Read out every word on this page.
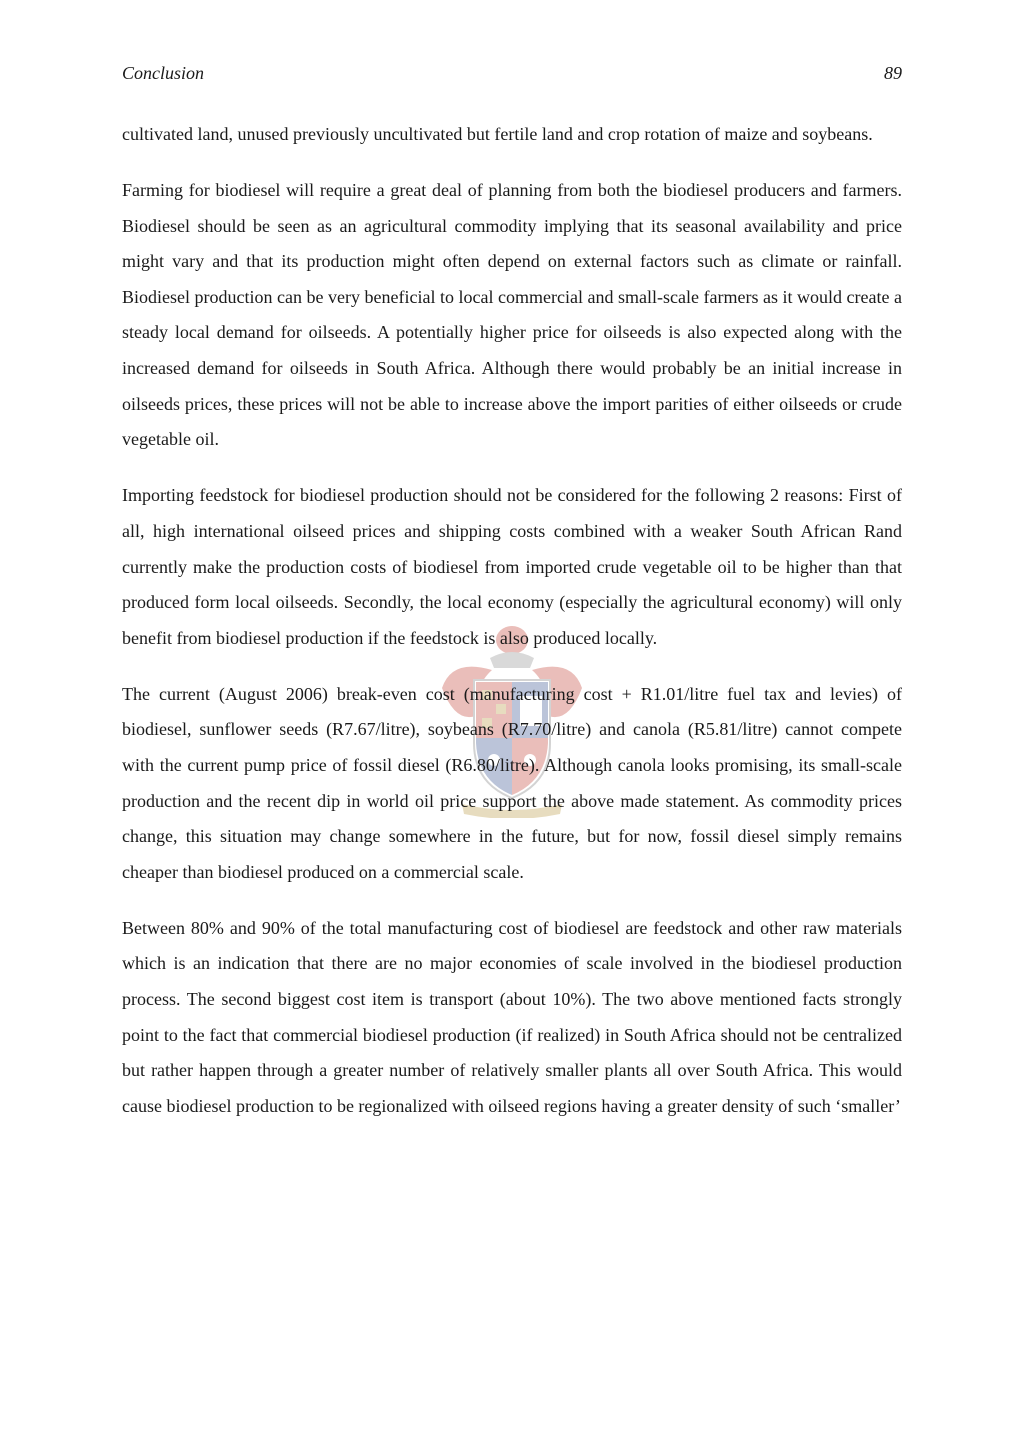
Conclusion	89

cultivated land, unused previously uncultivated but fertile land and crop rotation of maize and soybeans.

Farming for biodiesel will require a great deal of planning from both the biodiesel producers and farmers. Biodiesel should be seen as an agricultural commodity implying that its seasonal availability and price might vary and that its production might often depend on external factors such as climate or rainfall. Biodiesel production can be very beneficial to local commercial and small-scale farmers as it would create a steady local demand for oilseeds. A potentially higher price for oilseeds is also expected along with the increased demand for oilseeds in South Africa. Although there would probably be an initial increase in oilseeds prices, these prices will not be able to increase above the import parities of either oilseeds or crude vegetable oil.

Importing feedstock for biodiesel production should not be considered for the following 2 reasons: First of all, high international oilseed prices and shipping costs combined with a weaker South African Rand currently make the production costs of biodiesel from imported crude vegetable oil to be higher than that produced form local oilseeds. Secondly, the local economy (especially the agricultural economy) will only benefit from biodiesel production if the feedstock is also produced locally.

The current (August 2006) break-even cost (manufacturing cost + R1.01/litre fuel tax and levies) of biodiesel, sunflower seeds (R7.67/litre), soybeans (R7.70/litre) and canola (R5.81/litre) cannot compete with the current pump price of fossil diesel (R6.80/litre). Although canola looks promising, its small-scale production and the recent dip in world oil price support the above made statement. As commodity prices change, this situation may change somewhere in the future, but for now, fossil diesel simply remains cheaper than biodiesel produced on a commercial scale.

Between 80% and 90% of the total manufacturing cost of biodiesel are feedstock and other raw materials which is an indication that there are no major economies of scale involved in the biodiesel production process. The second biggest cost item is transport (about 10%). The two above mentioned facts strongly point to the fact that commercial biodiesel production (if realized) in South Africa should not be centralized but rather happen through a greater number of relatively smaller plants all over South Africa. This would cause biodiesel production to be regionalized with oilseed regions having a greater density of such ‘smaller’
